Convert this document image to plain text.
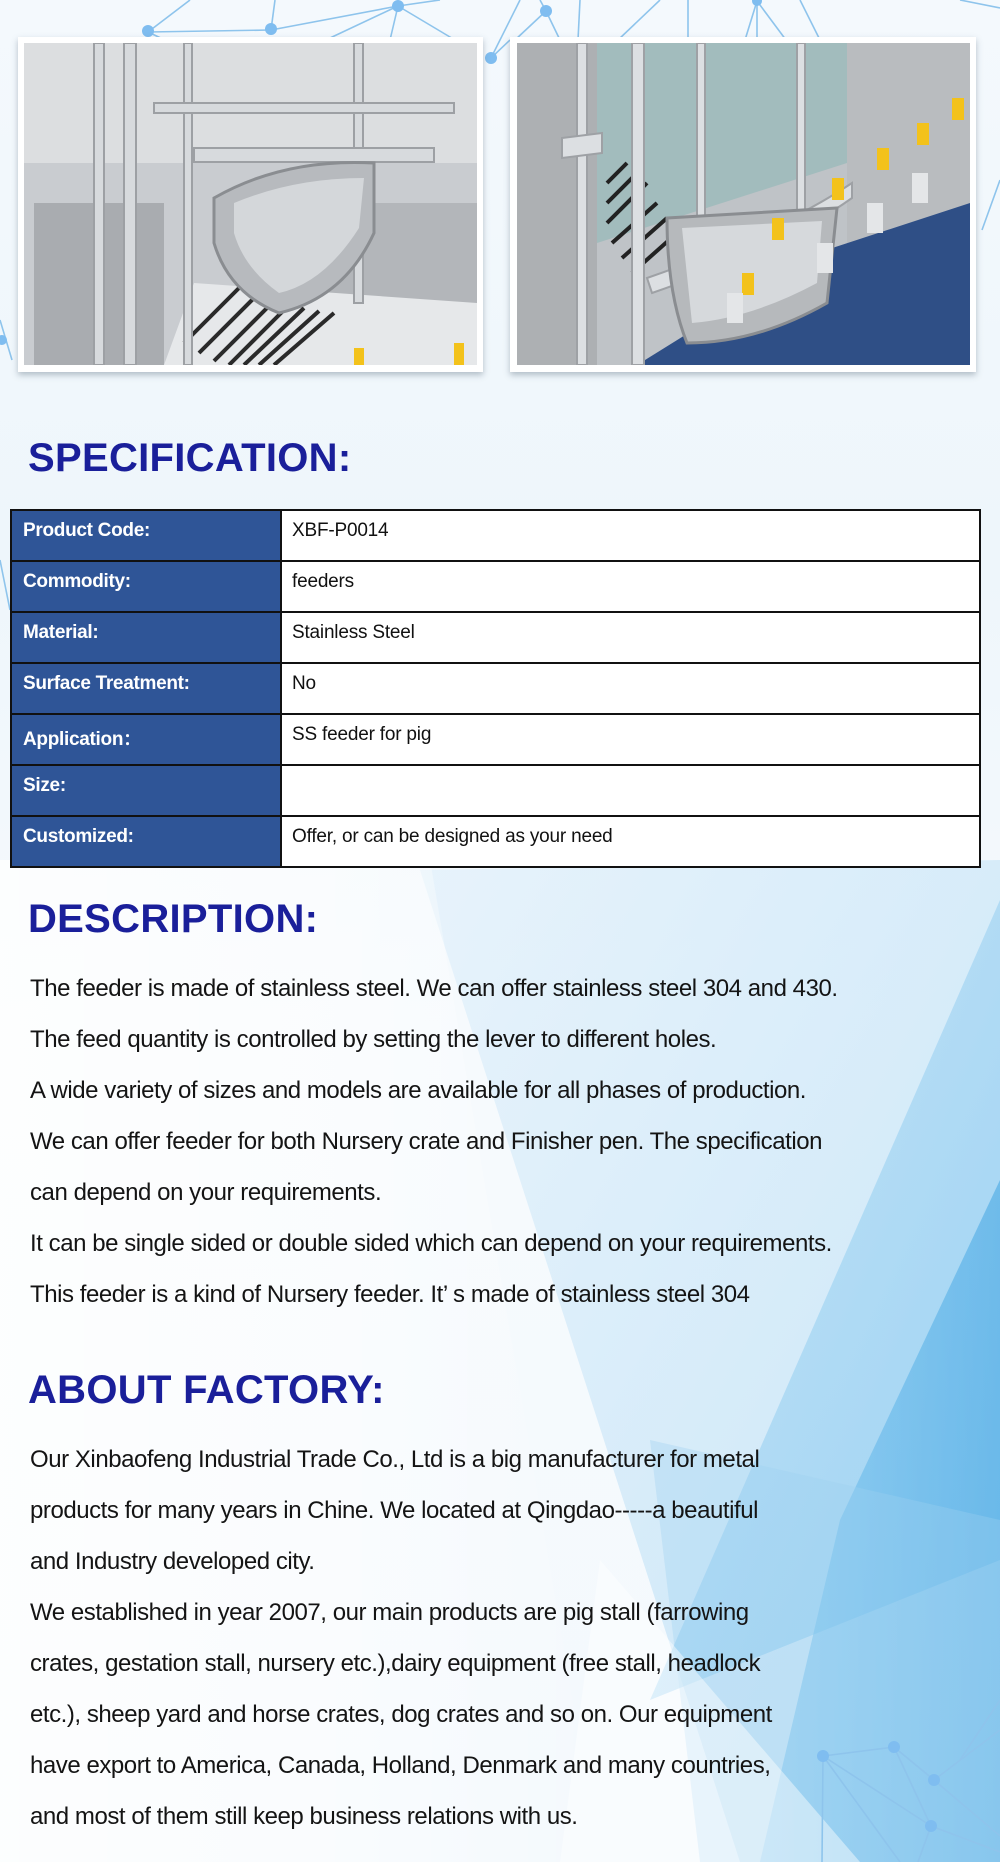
SPECIFICATION:
Product Code:	XBF-P0014
Commodity:	feeders
Material:	Stainless Steel
Surface Treatment:	No
Application：	SS feeder for pig
Size:	
Customized:	Offer, or can be designed as your need
DESCRIPTION:
The feeder is made of stainless steel. We can offer stainless steel 304 and 430.
The feed quantity is controlled by setting the lever to different holes.
A wide variety of sizes and models are available for all phases of production.
We can offer feeder for both Nursery crate and Finisher pen. The specification
can depend on your requirements.
It can be single sided or double sided which can depend on your requirements.
This feeder is a kind of Nursery feeder. It’ s made of stainless steel 304
ABOUT FACTORY:
Our Xinbaofeng Industrial Trade Co., Ltd is a big manufacturer for metal
products for many years in Chine. We located at Qingdao-----a beautiful
and Industry developed city.
We established in year 2007, our main products are pig stall (farrowing
crates, gestation stall, nursery etc.),dairy equipment (free stall, headlock
etc.), sheep yard and horse crates, dog crates and so on. Our equipment
have export to America, Canada, Holland, Denmark and many countries,
and most of them still keep business relations with us.
